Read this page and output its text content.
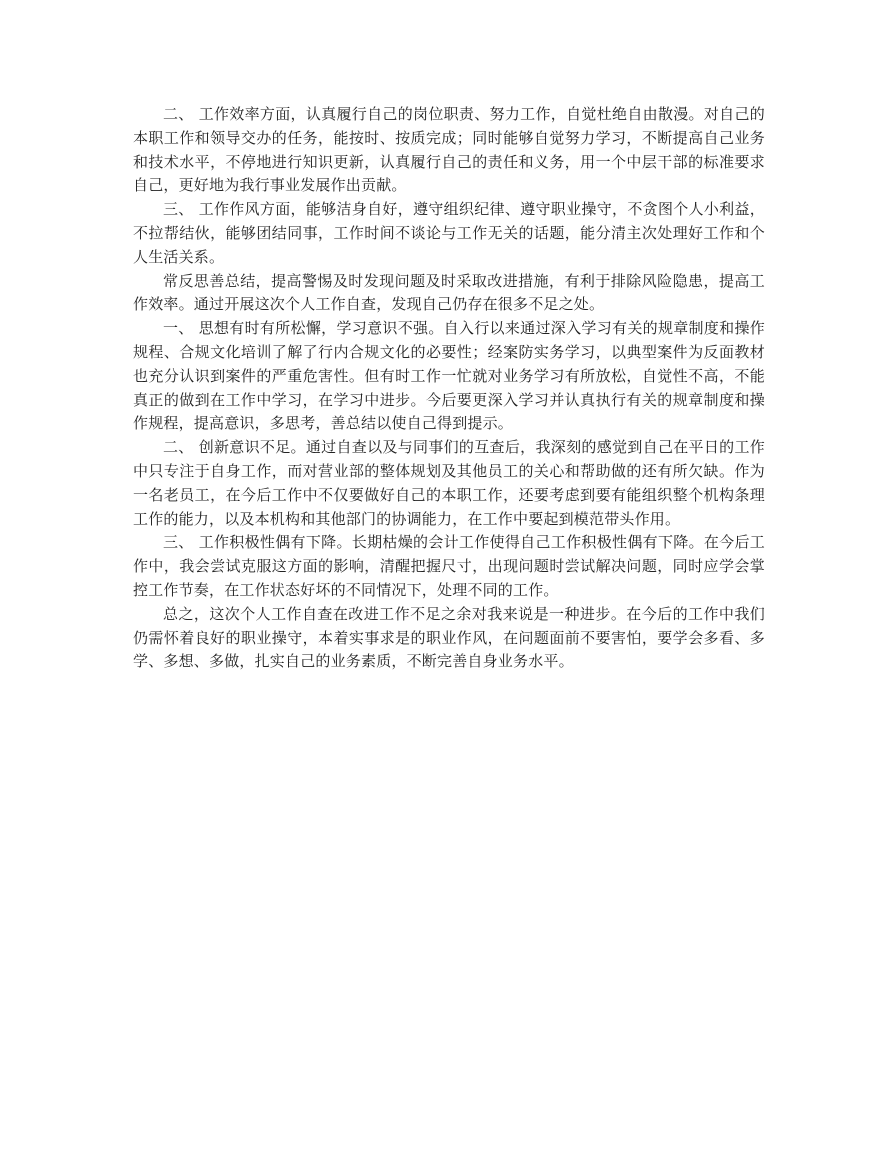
二、 工作效率方面，认真履行自己的岗位职责、努力工作，自觉杜绝自由散漫。对自己的本职工作和领导交办的任务，能按时、按质完成；同时能够自觉努力学习，不断提高自己业务和技术水平，不停地进行知识更新，认真履行自己的责任和义务，用一个中层干部的标准要求自己，更好地为我行事业发展作出贡献。

三、 工作作风方面，能够洁身自好，遵守组织纪律、遵守职业操守，不贪图个人小利益，不拉帮结伙，能够团结同事，工作时间不谈论与工作无关的话题，能分清主次处理好工作和个人生活关系。

常反思善总结，提高警惕及时发现问题及时采取改进措施，有利于排除风险隐患，提高工作效率。通过开展这次个人工作自查，发现自己仍存在很多不足之处。

一、 思想有时有所松懈，学习意识不强。自入行以来通过深入学习有关的规章制度和操作规程、合规文化培训了解了行内合规文化的必要性；经案防实务学习，以典型案件为反面教材也充分认识到案件的严重危害性。但有时工作一忙就对业务学习有所放松，自觉性不高，不能真正的做到在工作中学习，在学习中进步。今后要更深入学习并认真执行有关的规章制度和操作规程，提高意识，多思考，善总结以使自己得到提示。

二、 创新意识不足。通过自查以及与同事们的互查后，我深刻的感觉到自己在平日的工作中只专注于自身工作，而对营业部的整体规划及其他员工的关心和帮助做的还有所欠缺。作为一名老员工，在今后工作中不仅要做好自己的本职工作，还要考虑到要有能组织整个机构条理工作的能力，以及本机构和其他部门的协调能力，在工作中要起到模范带头作用。

三、 工作积极性偶有下降。长期枯燥的会计工作使得自己工作积极性偶有下降。在今后工作中，我会尝试克服这方面的影响，清醒把握尺寸，出现问题时尝试解决问题，同时应学会掌控工作节奏，在工作状态好坏的不同情况下，处理不同的工作。

总之，这次个人工作自查在改进工作不足之余对我来说是一种进步。在今后的工作中我们仍需怀着良好的职业操守，本着实事求是的职业作风，在问题面前不要害怕，要学会多看、多学、多想、多做，扎实自己的业务素质，不断完善自身业务水平。
